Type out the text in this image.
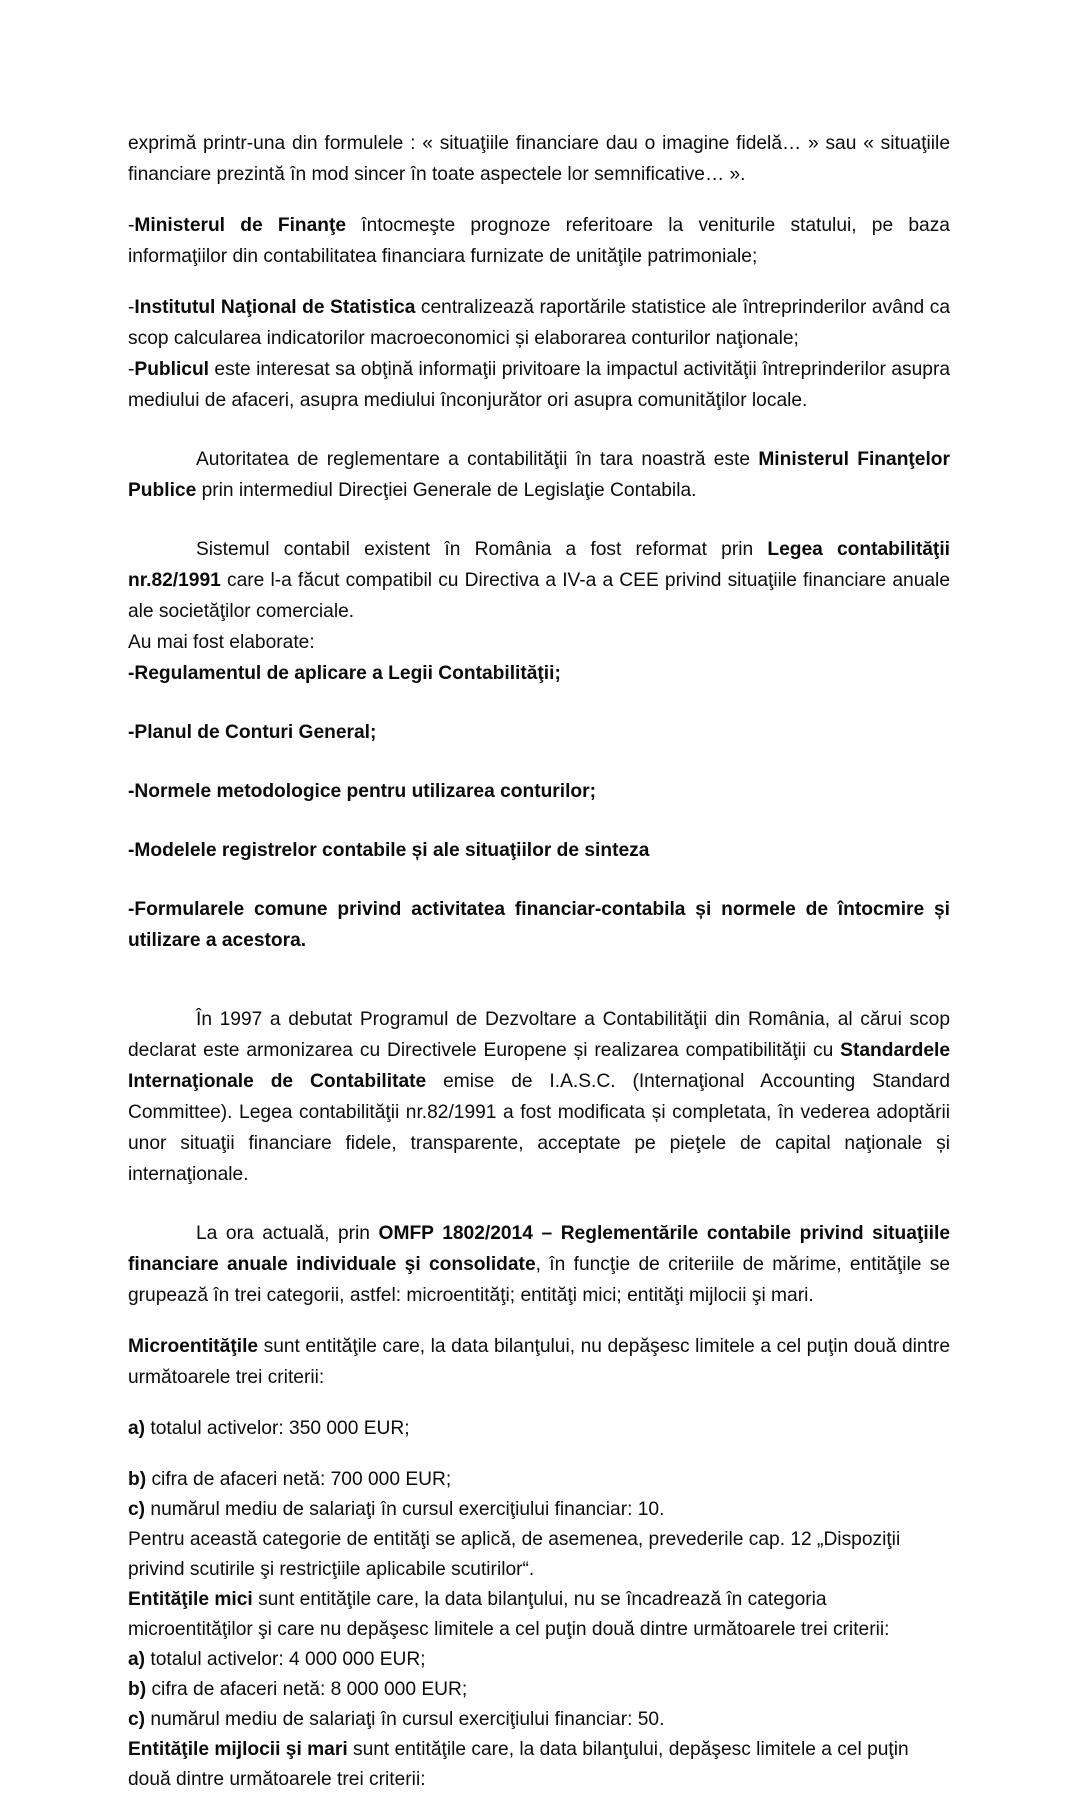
exprimă printr-una din formulele : « situaţiile financiare dau o imagine fidelă… » sau « situaţiile financiare prezintă în mod sincer în toate aspectele lor semnificative… ».

-Ministerul de Finanţe întocmeşte prognoze referitoare la veniturile statului, pe baza informaţiilor din contabilitatea financiara furnizate de unităţile patrimoniale;

-Institutul Naţional de Statistica centralizează raportările statistice ale întreprinderilor având ca scop calcularea indicatorilor macroeconomici și elaborarea conturilor naţionale;

-Publicul este interesat sa obţină informaţii privitoare la impactul activităţii întreprinderilor asupra mediului de afaceri, asupra mediului înconjurător ori asupra comunităţilor locale.

Autoritatea de reglementare a contabilităţii în tara noastră este Ministerul Finanţelor Publice prin intermediul Direcţiei Generale de Legislaţie Contabila.

Sistemul contabil existent în România a fost reformat prin Legea contabilităţii nr.82/1991 care l-a făcut compatibil cu Directiva a IV-a a CEE privind situaţiile financiare anuale ale societăţilor comerciale.

Au mai fost elaborate:

-Regulamentul de aplicare a Legii Contabilităţii;

-Planul de Conturi General;

-Normele metodologice pentru utilizarea conturilor;

-Modelele registrelor contabile și ale situaţiilor de sinteza

-Formularele comune privind activitatea financiar-contabila și normele de întocmire și utilizare a acestora.

În 1997 a debutat Programul de Dezvoltare a Contabilităţii din România, al cărui scop declarat este armonizarea cu Directivele Europene și realizarea compatibilităţii cu Standardele Internaţionale de Contabilitate emise de I.A.S.C. (Internaţional Accounting Standard Committee). Legea contabilităţii nr.82/1991 a fost modificata și completata, în vederea adoptării unor situaţii financiare fidele, transparente, acceptate pe pieţele de capital naţionale și internaţionale.

La ora actuală, prin OMFP 1802/2014 – Reglementările contabile privind situaţiile financiare anuale individuale şi consolidate, în funcţie de criteriile de mărime, entităţile se grupează în trei categorii, astfel: microentităţi; entităţi mici; entităţi mijlocii şi mari.

Microentităţile sunt entităţile care, la data bilanţului, nu depăşesc limitele a cel puţin două dintre următoarele trei criterii:

a) totalul activelor: 350 000 EUR;

b) cifra de afaceri netă: 700 000 EUR;

c) numărul mediu de salariaţi în cursul exerciţiului financiar: 10.

Pentru această categorie de entităţi se aplică, de asemenea, prevederile cap. 12 „Dispoziţii privind scutirile şi restricţiile aplicabile scutirilor“.

Entităţile mici sunt entităţile care, la data bilanţului, nu se încadrează în categoria microentităţilor şi care nu depăşesc limitele a cel puţin două dintre următoarele trei criterii:

a) totalul activelor: 4 000 000 EUR;

b) cifra de afaceri netă: 8 000 000 EUR;

c) numărul mediu de salariaţi în cursul exerciţiului financiar: 50.

Entităţile mijlocii şi mari sunt entităţile care, la data bilanţului, depăşesc limitele a cel puţin două dintre următoarele trei criterii:
